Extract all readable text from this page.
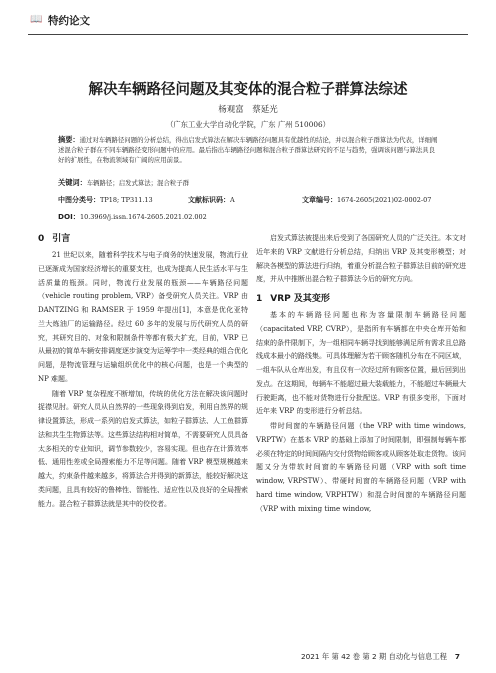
📖 特约论文
解决车辆路径问题及其变体的混合粒子群算法综述
杨观富　蔡延光
（广东工业大学自动化学院，广东 广州 510006）
摘要：通过对车辆路径问题的分析总结，得出启发式算法在解决车辆路径问题具有优越性的结论，并以混合粒子群算法为代表，详细阐述混合粒子群在不同车辆路径变形问题中的应用。最后指出车辆路径问题和混合粒子群算法研究的不足与趋势，强调该问题与算法具良好的扩展性，在物流领域有广阔的应用前景。
关键词：车辆路径；启发式算法；混合粒子群
中图分类号：TP18; TP311.13	文献标识码：A	文章编号：1674-2605(2021)02-0002-07
DOI：10.3969/j.issn.1674-2605.2021.02.002
0 引言

21 世纪以来，随着科学技术与电子商务的快速发展，物流行业已逐渐成为国家经济增长的重要支柱，也成为提高人民生活水平与生活质量的瓶颈。同时，物流行业发展的瓶颈——车辆路径问题（vehicle routing problem, VRP）备受研究人员关注。VRP 由 DANTZING 和 RAMSER 于 1959 年提出[1]，本意是优化亚特兰大炼油厂的运输路径。经过 60 多年的发展与历代研究人员的研究，其研究目的、对象和限制条件等都有极大扩充，目前，VRP 已从最初的简单车辆安排调度逐步演变为运筹学中一类经典的组合优化问题，是物流管理与运输组织优化中的核心问题，也是一个典型的 NP 难题。

随着 VRP 复杂程度不断增加，传统的优化方法在解决该问题时捉襟见肘。研究人员从自然界的一些现象得到启发，利用自然界的规律设置算法，形成一系列的启发式算法，如粒子群算法、人工鱼群算法和共生生物算法等。这些算法结构相对简单，不需要研究人员具备太多相关的专业知识，调节参数较少，容易实现。但也存在计算效率低、通用性差或全局搜索能力不足等问题。随着 VRP 模型规模越来越大，约束条件越来越多，将算法合并得到的新算法，能较好解决这类问题，且具有较好的鲁棒性、智能性、适应性以及良好的全局搜索能力。混合粒子群算法就是其中的佼佼者。

启发式算法被提出来后受到了各国研究人员的广泛关注。本文对近年来的 VRP 文献进行分析总结，归纳出 VRP 及其变形模型；对解决各模型的算法进行归纳，着重分析混合粒子群算法目前的研究进度，并从中推断出混合粒子群算法今后的研究方向。

1 VRP 及其变形

基本的车辆路径问题也称为容量限制车辆路径问题（capacitated VRP, CVRP），是指所有车辆都在中央仓库开始和结束的条件限制下，为一组相同车辆寻找到能够满足所有需求且总路线成本最小的路线集。可具体理解为若干顾客随机分布在不同区域，一组车队从仓库出发，有且仅有一次经过所有顾客位置，最后回到出发点。在这期间，每辆车不能超过最大装载能力，不能超过车辆最大行驶距离，也不能对货物进行分批配送。VRP 有很多变形，下面对近年来 VRP 的变形进行分析总结。

带时间窗的车辆路径问题（the VRP with time windows, VRPTW）在基本 VRP 的基础上添加了时间限制，即强制每辆车都必须在特定的时间间隔内交付货物给顾客或从顾客处取走货物。该问题又分为带软时间窗的车辆路径问题（VRP with soft time window, VRPSTW）、带硬时间窗的车辆路径问题（VRP with hard time window, VRPHTW）和混合时间窗的车辆路径问题（VRP with mixing time window,

2021 年 第 42 卷 第 2 期 自动化与信息工程 7
